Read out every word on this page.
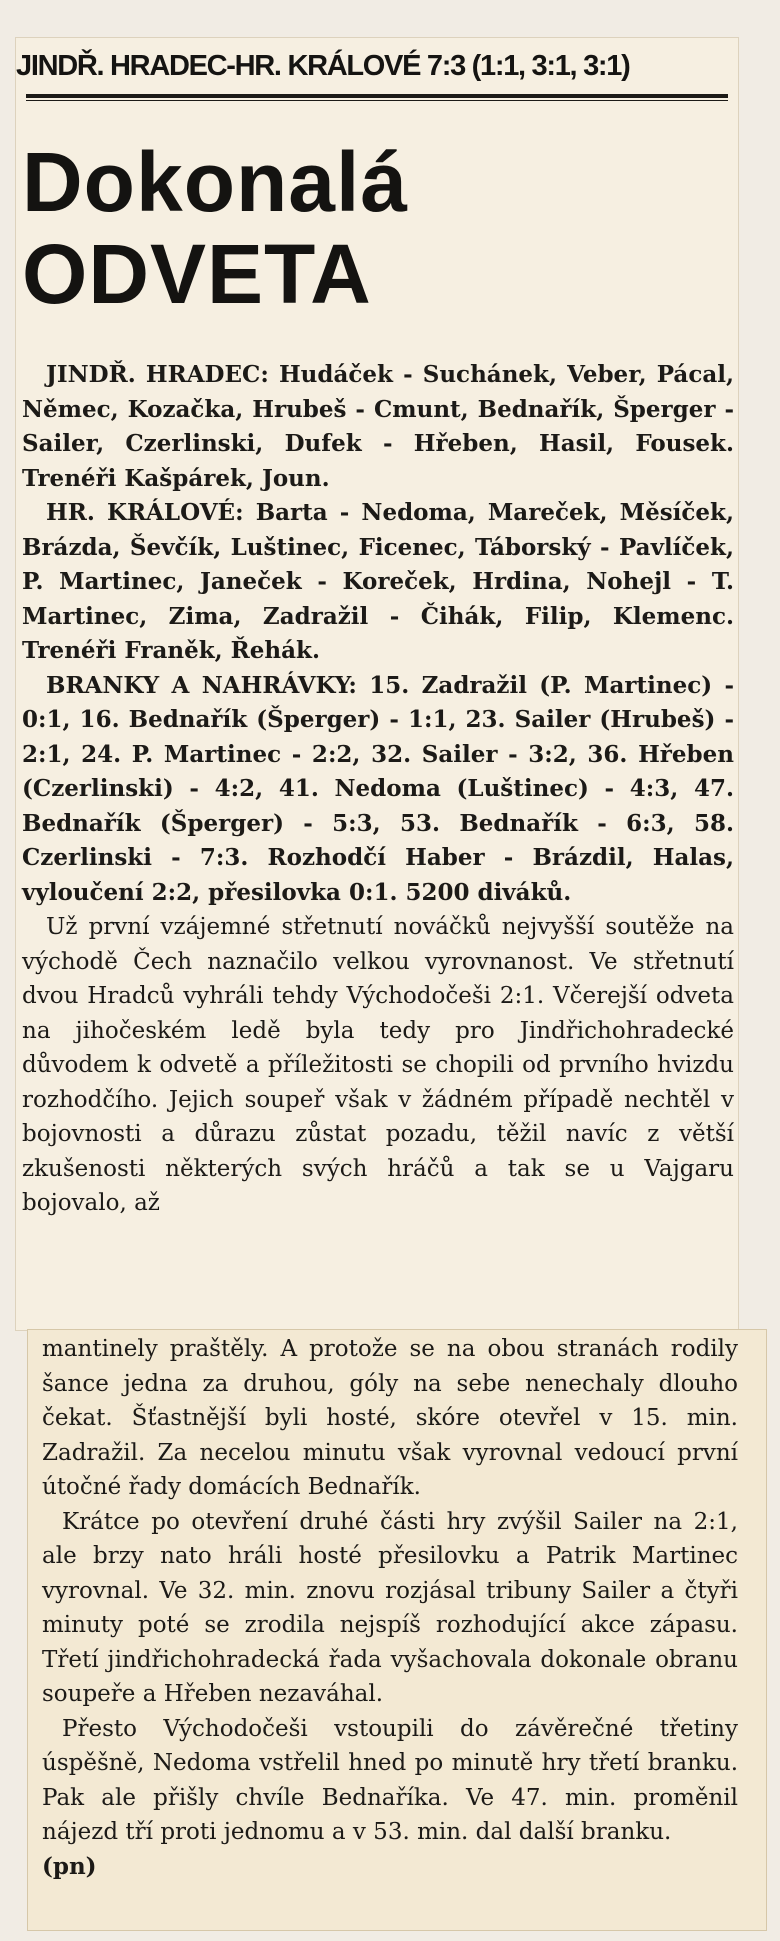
JINDŘ. HRADEC-HR. KRÁLOVÉ 7:3 (1:1, 3:1, 3:1)
Dokonalá
ODVETA

JINDŘ. HRADEC: Hudáček - Suchánek, Veber, Pácal, Němec, Kozačka, Hrubeš - Cmunt, Bednařík, Šperger - Sailer, Czerlinski, Dufek - Hřeben, Hasil, Fousek. Trenéři Kašpárek, Joun.

HR. KRÁLOVÉ: Barta - Nedoma, Mareček, Měsíček, Brázda, Ševčík, Luštinec, Ficenec, Táborský - Pavlíček, P. Martinec, Janeček - Koreček, Hrdina, Nohejl - T. Martinec, Zima, Zadražil - Čihák, Filip, Klemenc. Trenéři Franěk, Řehák.

BRANKY A NAHRÁVKY: 15. Zadražil (P. Martinec) - 0:1, 16. Bednařík (Šperger) - 1:1, 23. Sailer (Hrubeš) - 2:1, 24. P. Martinec - 2:2, 32. Sailer - 3:2, 36. Hřeben (Czerlinski) - 4:2, 41. Nedoma (Luštinec) - 4:3, 47. Bednařík (Šperger) - 5:3, 53. Bednařík - 6:3, 58. Czerlinski - 7:3. Rozhodčí Haber - Brázdil, Halas, vyloučení 2:2, přesilovka 0:1. 5200 diváků.

Už první vzájemné střetnutí nováčků nejvyšší soutěže na východě Čech naznačilo velkou vyrovnanost. Ve střetnutí dvou Hradců vyhráli tehdy Východočeši 2:1. Včerejší odveta na jihočeském ledě byla tedy pro Jindřichohradecké důvodem k odvetě a příležitosti se chopili od prvního hvizdu rozhodčího. Jejich soupeř však v žádném případě nechtěl v bojovnosti a důrazu zůstat pozadu, těžil navíc z větší zkušenosti některých svých hráčů a tak se u Vajgaru bojovalo, až

mantinely praštěly. A protože se na obou stranách rodily šance jedna za druhou, góly na sebe nenechaly dlouho čekat. Šťastnější byli hosté, skóre otevřel v 15. min. Zadražil. Za necelou minutu však vyrovnal vedoucí první útočné řady domácích Bednařík.

Krátce po otevření druhé části hry zvýšil Sailer na 2:1, ale brzy nato hráli hosté přesilovku a Patrik Martinec vyrovnal. Ve 32. min. znovu rozjásal tribuny Sailer a čtyři minuty poté se zrodila nejspíš rozhodující akce zápasu. Třetí jindřichohradecká řada vyšachovala dokonale obranu soupeře a Hřeben nezaváhal.

Přesto Východočeši vstoupili do závěrečné třetiny úspěšně, Nedoma vstřelil hned po minutě hry třetí branku. Pak ale přišly chvíle Bednaříka. Ve 47. min. proměnil nájezd tří proti jednomu a v 53. min. dal další branku.

(pn)
